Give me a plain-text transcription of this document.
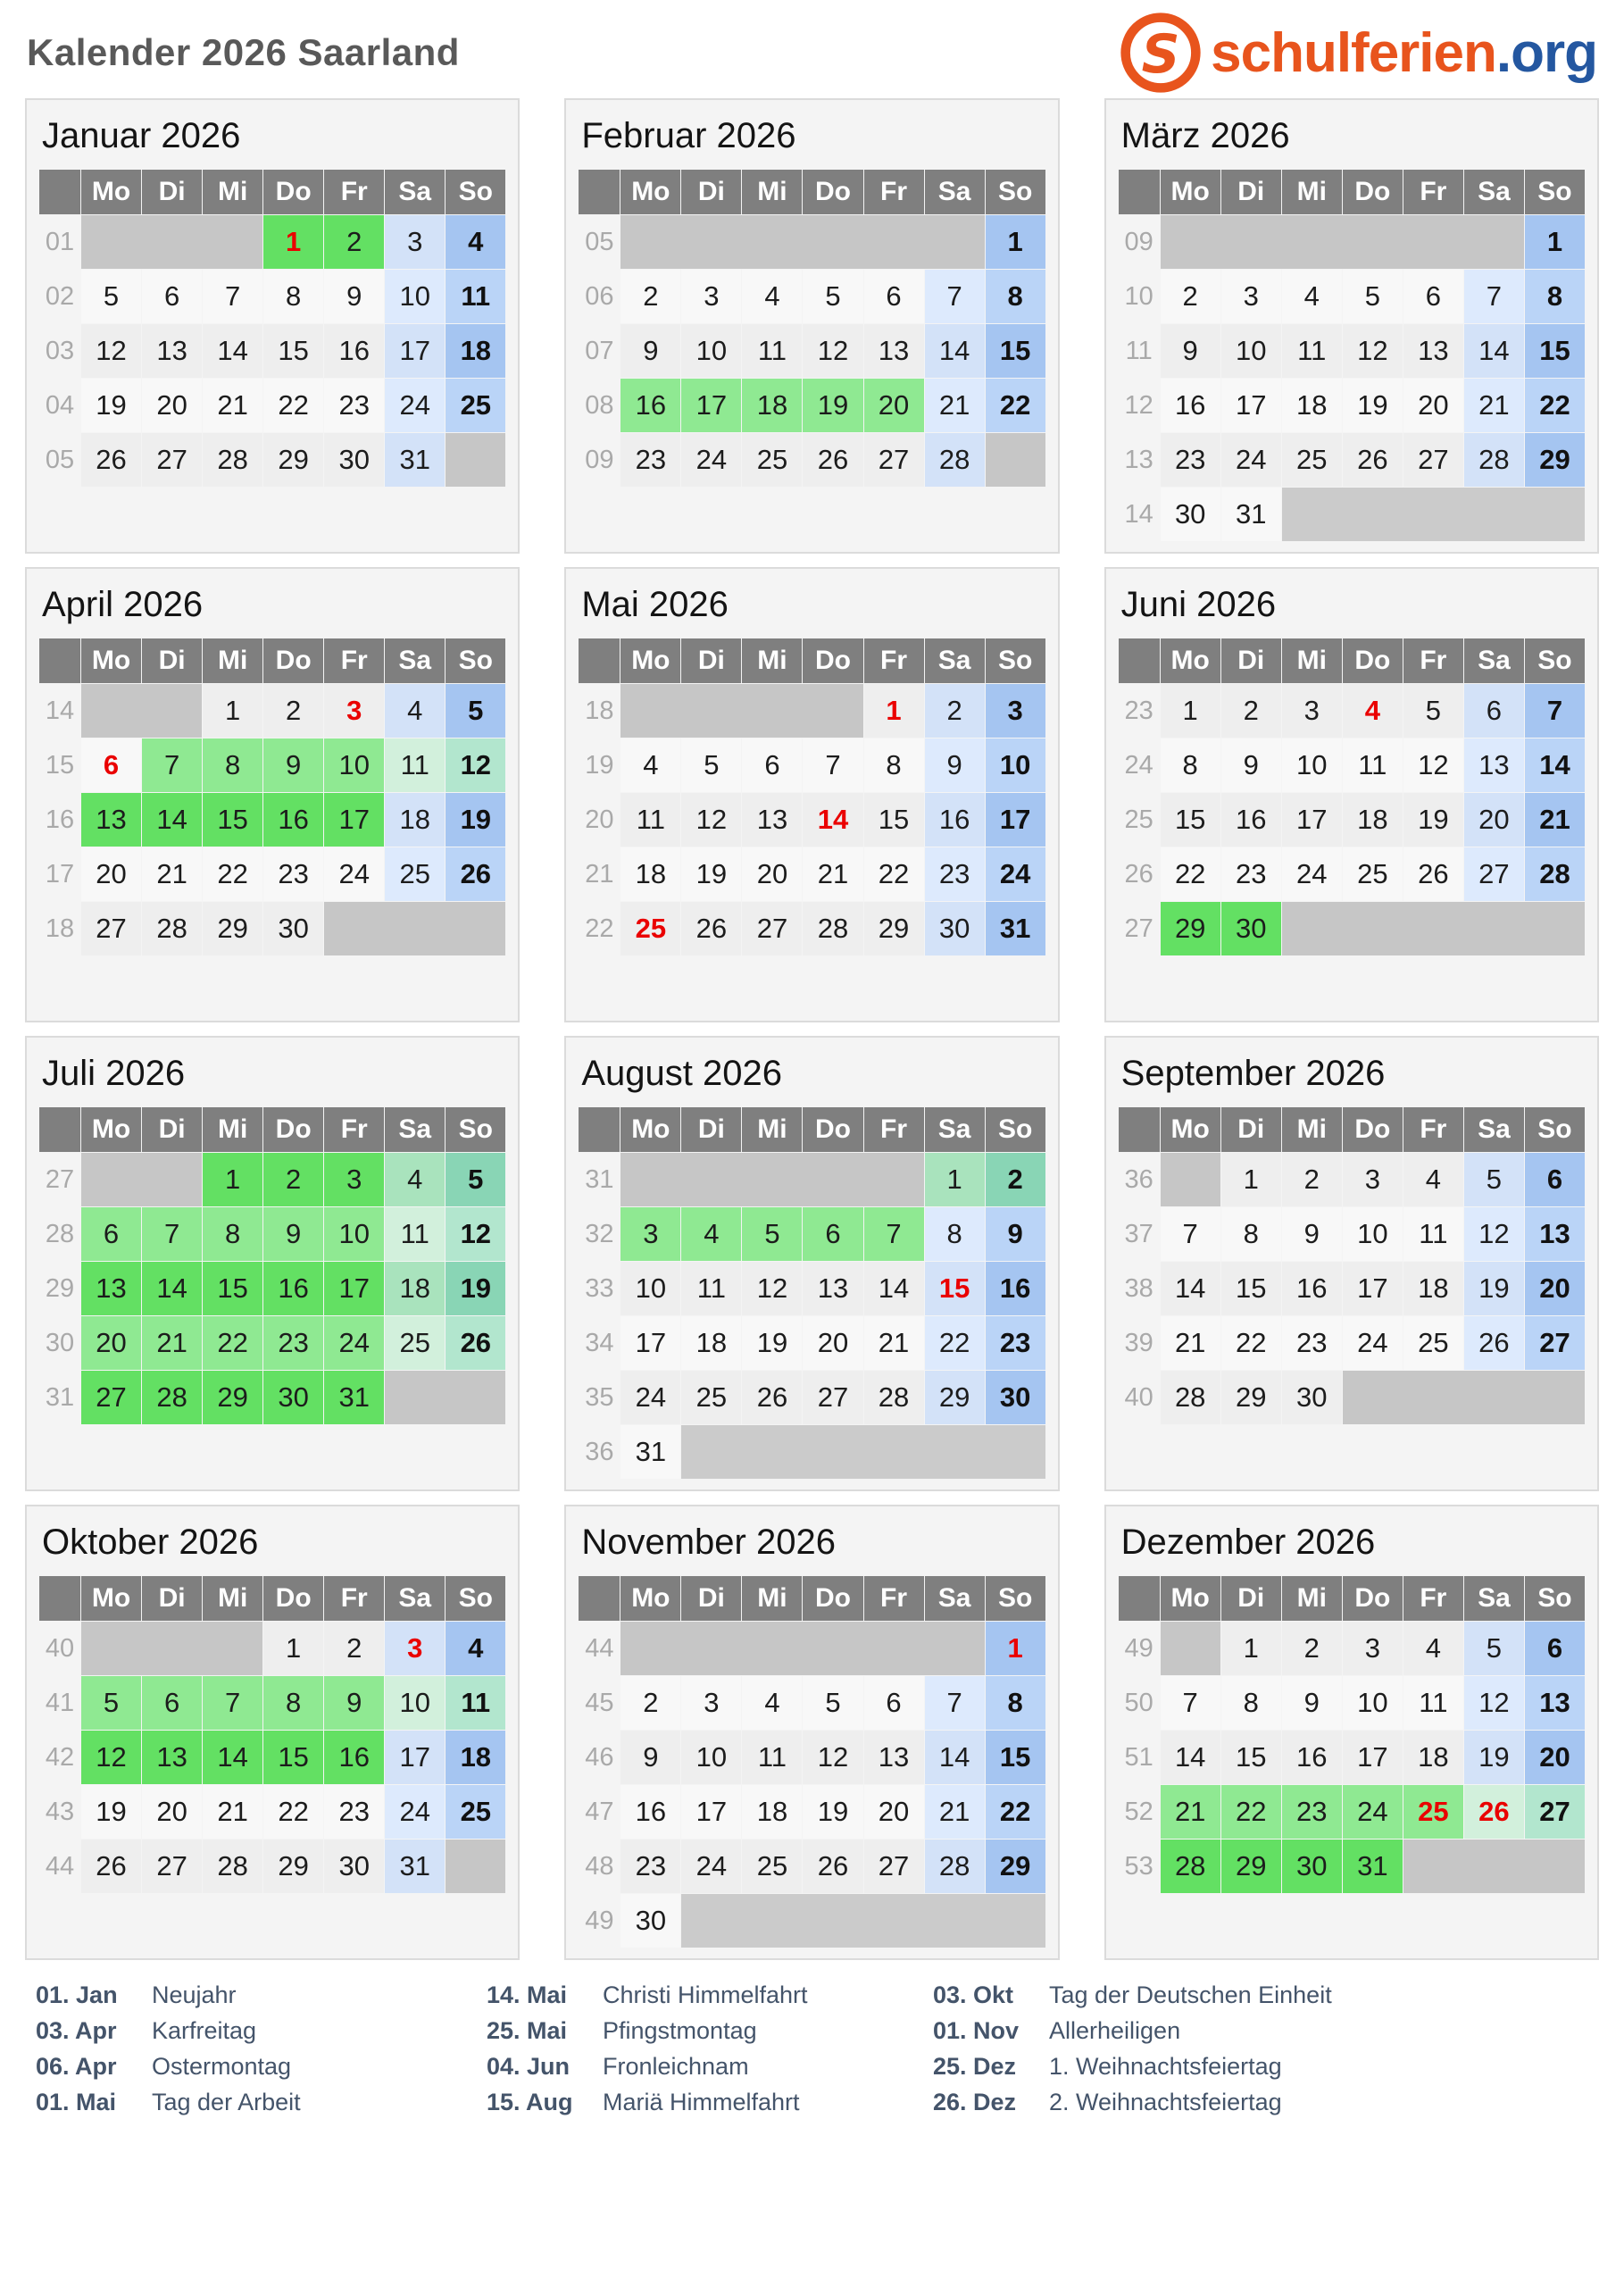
Kalender 2026 Saarland	S schulferien.org
Januar 2026
	Mo	Di	Mi	Do	Fr	Sa	So
01				1	2	3	4
02	5	6	7	8	9	10	11
03	12	13	14	15	16	17	18
04	19	20	21	22	23	24	25
05	26	27	28	29	30	31	
Februar 2026
	Mo	Di	Mi	Do	Fr	Sa	So
05							1
06	2	3	4	5	6	7	8
07	9	10	11	12	13	14	15
08	16	17	18	19	20	21	22
09	23	24	25	26	27	28	
März 2026
	Mo	Di	Mi	Do	Fr	Sa	So
09							1
10	2	3	4	5	6	7	8
11	9	10	11	12	13	14	15
12	16	17	18	19	20	21	22
13	23	24	25	26	27	28	29
14	30	31					
April 2026
	Mo	Di	Mi	Do	Fr	Sa	So
14			1	2	3	4	5
15	6	7	8	9	10	11	12
16	13	14	15	16	17	18	19
17	20	21	22	23	24	25	26
18	27	28	29	30			
Mai 2026
	Mo	Di	Mi	Do	Fr	Sa	So
18					1	2	3
19	4	5	6	7	8	9	10
20	11	12	13	14	15	16	17
21	18	19	20	21	22	23	24
22	25	26	27	28	29	30	31
Juni 2026
	Mo	Di	Mi	Do	Fr	Sa	So
23	1	2	3	4	5	6	7
24	8	9	10	11	12	13	14
25	15	16	17	18	19	20	21
26	22	23	24	25	26	27	28
27	29	30					
Juli 2026
	Mo	Di	Mi	Do	Fr	Sa	So
27			1	2	3	4	5
28	6	7	8	9	10	11	12
29	13	14	15	16	17	18	19
30	20	21	22	23	24	25	26
31	27	28	29	30	31		
August 2026
	Mo	Di	Mi	Do	Fr	Sa	So
31						1	2
32	3	4	5	6	7	8	9
33	10	11	12	13	14	15	16
34	17	18	19	20	21	22	23
35	24	25	26	27	28	29	30
36	31						
September 2026
	Mo	Di	Mi	Do	Fr	Sa	So
36		1	2	3	4	5	6
37	7	8	9	10	11	12	13
38	14	15	16	17	18	19	20
39	21	22	23	24	25	26	27
40	28	29	30				
Oktober 2026
	Mo	Di	Mi	Do	Fr	Sa	So
40				1	2	3	4
41	5	6	7	8	9	10	11
42	12	13	14	15	16	17	18
43	19	20	21	22	23	24	25
44	26	27	28	29	30	31	
November 2026
	Mo	Di	Mi	Do	Fr	Sa	So
44							1
45	2	3	4	5	6	7	8
46	9	10	11	12	13	14	15
47	16	17	18	19	20	21	22
48	23	24	25	26	27	28	29
49	30						
Dezember 2026
	Mo	Di	Mi	Do	Fr	Sa	So
49		1	2	3	4	5	6
50	7	8	9	10	11	12	13
51	14	15	16	17	18	19	20
52	21	22	23	24	25	26	27
53	28	29	30	31			
01. Jan	Neujahr
03. Apr	Karfreitag
06. Apr	Ostermontag
01. Mai	Tag der Arbeit
14. Mai	Christi Himmelfahrt
25. Mai	Pfingstmontag
04. Jun	Fronleichnam
15. Aug	Mariä Himmelfahrt
03. Okt	Tag der Deutschen Einheit
01. Nov	Allerheiligen
25. Dez	1. Weihnachtsfeiertag
26. Dez	2. Weihnachtsfeiertag
